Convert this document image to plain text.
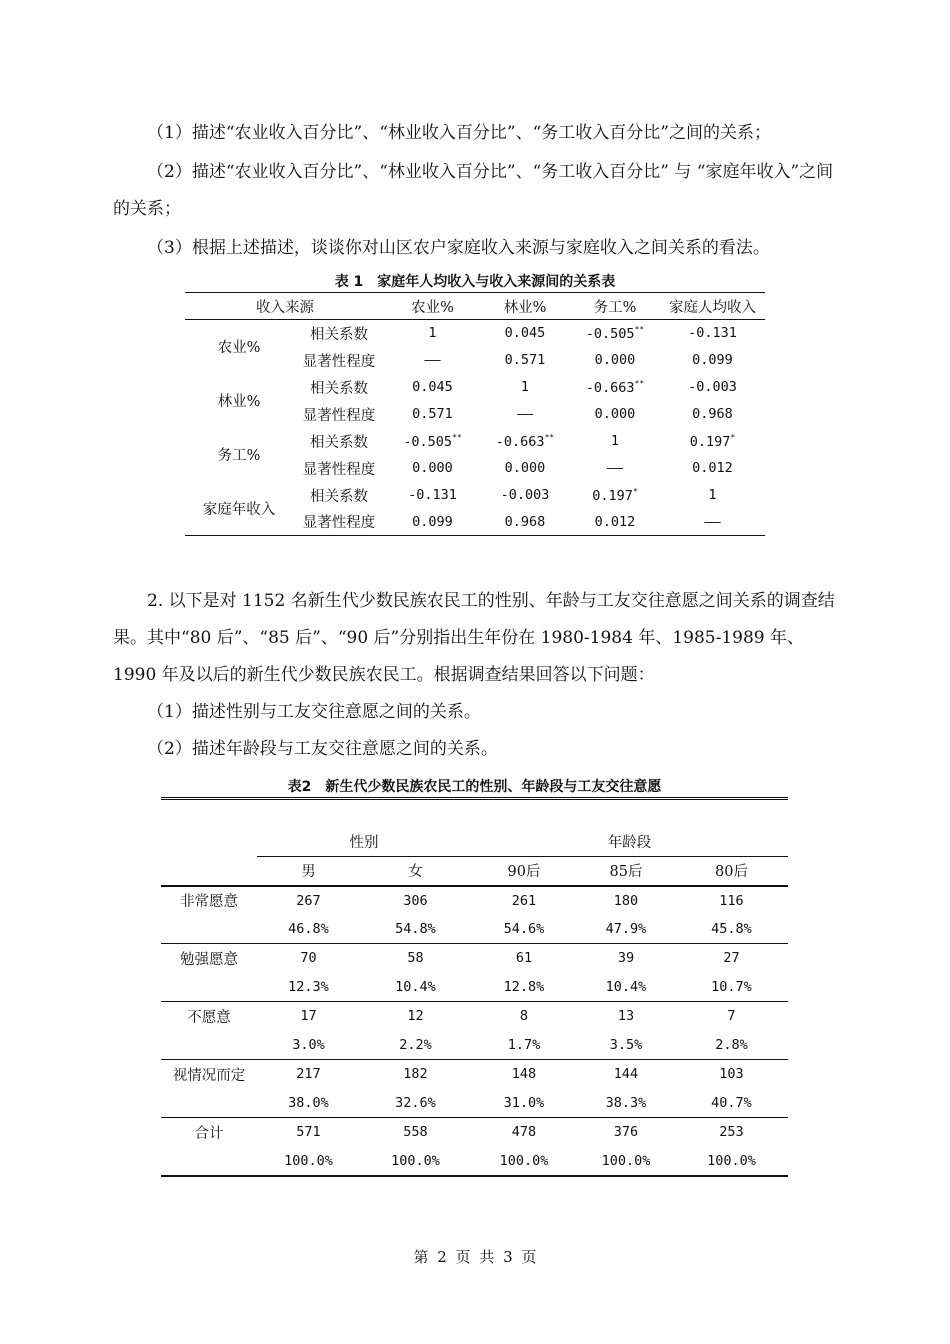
（1）描述“农业收入百分比”、“林业收入百分比”、“务工收入百分比”之间的关系；

（2）描述“农业收入百分比”、“林业收入百分比”、“务工收入百分比” 与 “家庭年收入”之间的关系；

（3）根据上述描述，谈谈你对山区农户家庭收入来源与家庭收入之间关系的看法。

表 1　家庭年人均收入与收入来源间的关系表
收入来源		农业%	林业%	务工%	家庭人均收入
农业%	相关系数	1	0.045	-0.505**	-0.131
	显著性程度	——	0.571	0.000	0.099
林业%	相关系数	0.045	1	-0.663**	-0.003
	显著性程度	0.571	——	0.000	0.968
务工%	相关系数	-0.505**	-0.663**	1	0.197*
	显著性程度	0.000	0.000	——	0.012
家庭年收入	相关系数	-0.131	-0.003	0.197*	1
	显著性程度	0.099	0.968	0.012	——

2. 以下是对 1152 名新生代少数民族农民工的性别、年龄与工友交往意愿之间关系的调查结果。其中“80 后”、“85 后”、“90 后”分别指出生年份在 1980-1984 年、1985-1989 年、1990 年及以后的新生代少数民族农民工。根据调查结果回答以下问题：

（1）描述性别与工友交往意愿之间的关系。

（2）描述年龄段与工友交往意愿之间的关系。

表2　新生代少数民族农民工的性别、年龄段与工友交往意愿

	性别		年龄段		
	男	女	90后	85后	80后
非常愿意	267	306	261	180	116
	46.8%	54.8%	54.6%	47.9%	45.8%
勉强愿意	70	58	61	39	27
	12.3%	10.4%	12.8%	10.4%	10.7%
不愿意	17	12	8	13	7
	3.0%	2.2%	1.7%	3.5%	2.8%
视情况而定	217	182	148	144	103
	38.0%	32.6%	31.0%	38.3%	40.7%
合计	571	558	478	376	253
	100.0%	100.0%	100.0%	100.0%	100.0%
第 2 页 共 3 页
